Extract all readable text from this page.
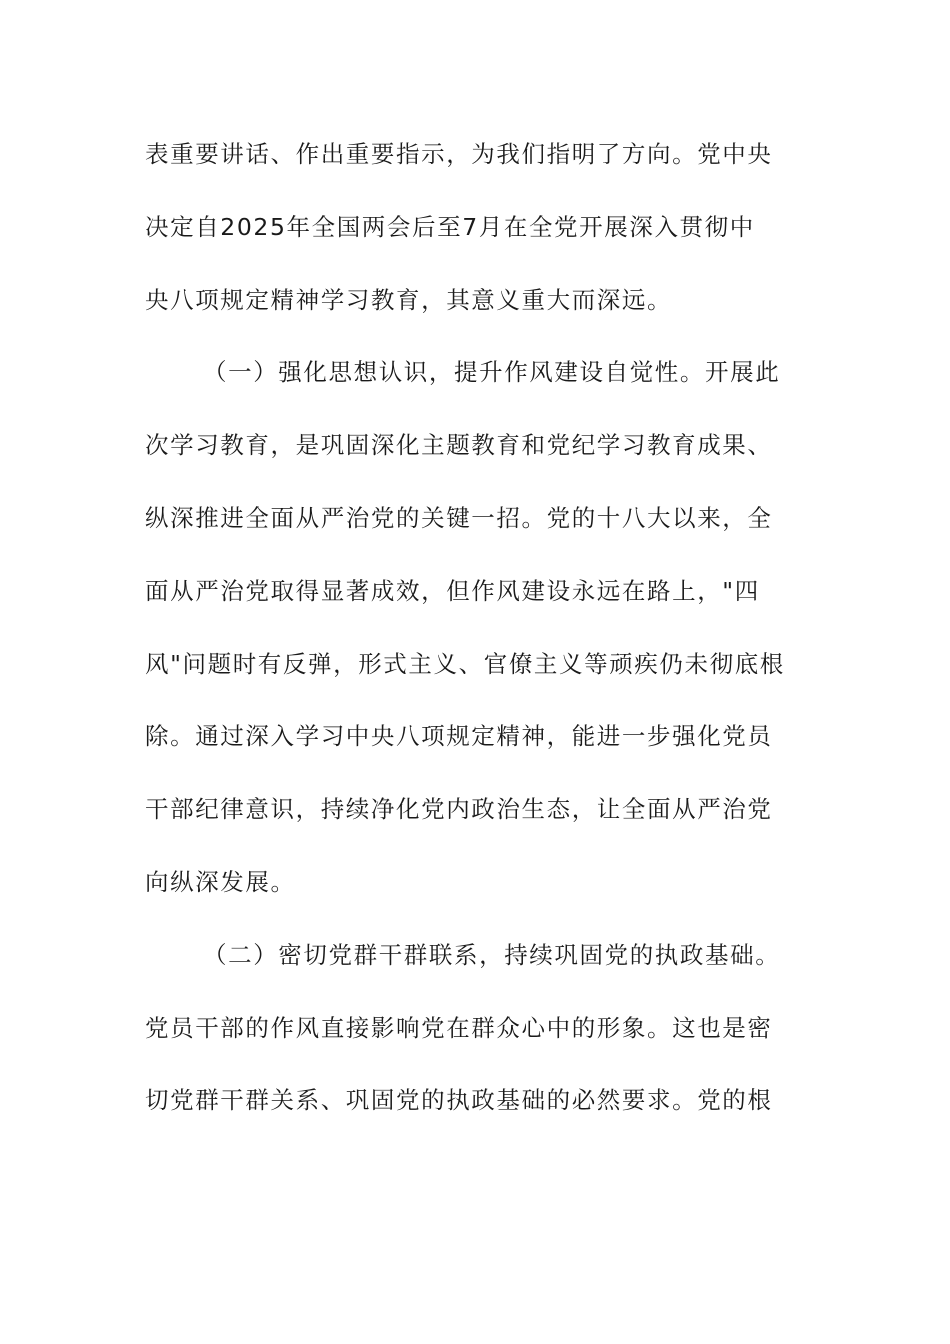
表重要讲话、作出重要指示，为我们指明了方向。党中央
决定自2025年全国两会后至7月在全党开展深入贯彻中
央八项规定精神学习教育，其意义重大而深远。
（一）强化思想认识，提升作风建设自觉性。开展此
次学习教育，是巩固深化主题教育和党纪学习教育成果、
纵深推进全面从严治党的关键一招。党的十八大以来，全
面从严治党取得显著成效，但作风建设永远在路上，"四
风"问题时有反弹，形式主义、官僚主义等顽疾仍未彻底根
除。通过深入学习中央八项规定精神，能进一步强化党员
干部纪律意识，持续净化党内政治生态，让全面从严治党
向纵深发展。
（二）密切党群干群联系，持续巩固党的执政基础。
党员干部的作风直接影响党在群众心中的形象。这也是密
切党群干群关系、巩固党的执政基础的必然要求。党的根
